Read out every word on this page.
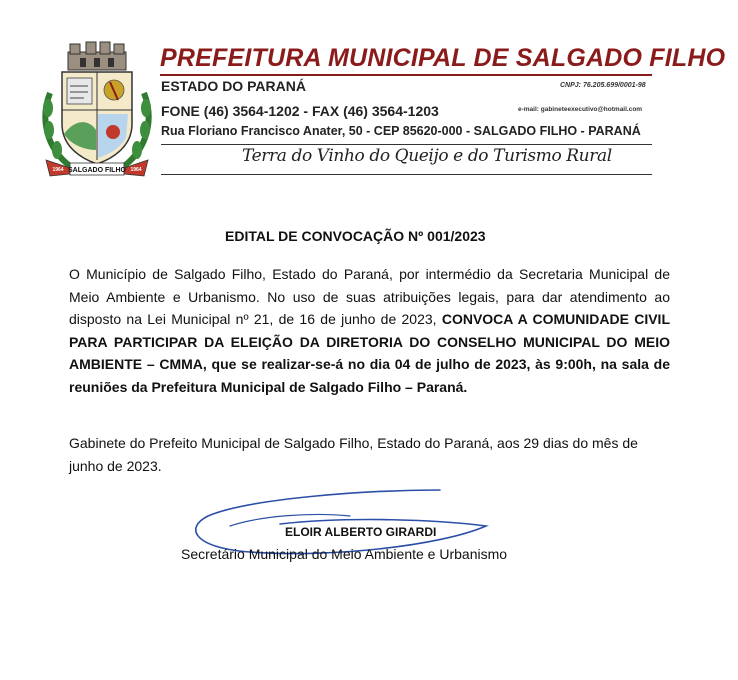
SALGADO FILHO
1964	1964
PREFEITURA MUNICIPAL DE SALGADO FILHO
ESTADO DO PARANÁ	CNPJ: 76.205.699/0001-98
FONE (46) 3564-1202 - FAX (46) 3564-1203	e-mail: gabineteexecutivo@hotmail.com
Rua Floriano Francisco Anater, 50 - CEP 85620-000 - SALGADO FILHO - PARANÁ
Terra do Vinho do Queijo e do Turismo Rural
EDITAL DE CONVOCAÇÃO Nº 001/2023
O Município de Salgado Filho, Estado do Paraná, por intermédio da Secretaria Municipal de Meio Ambiente e Urbanismo. No uso de suas atribuições legais, para dar atendimento ao disposto na Lei Municipal nº 21, de 16 de junho de 2023, CONVOCA A COMUNIDADE CIVIL PARA PARTICIPAR DA ELEIÇÃO DA DIRETORIA DO CONSELHO MUNICIPAL DO MEIO AMBIENTE – CMMA, que se realizar-se-á no dia 04 de julho de 2023, às 9:00h, na sala de reuniões da Prefeitura Municipal de Salgado Filho – Paraná.
Gabinete do Prefeito Municipal de Salgado Filho, Estado do Paraná, aos 29 dias do mês de junho de 2023.
ELOIR ALBERTO GIRARDI
Secretário Municipal do Meio Ambiente e Urbanismo
